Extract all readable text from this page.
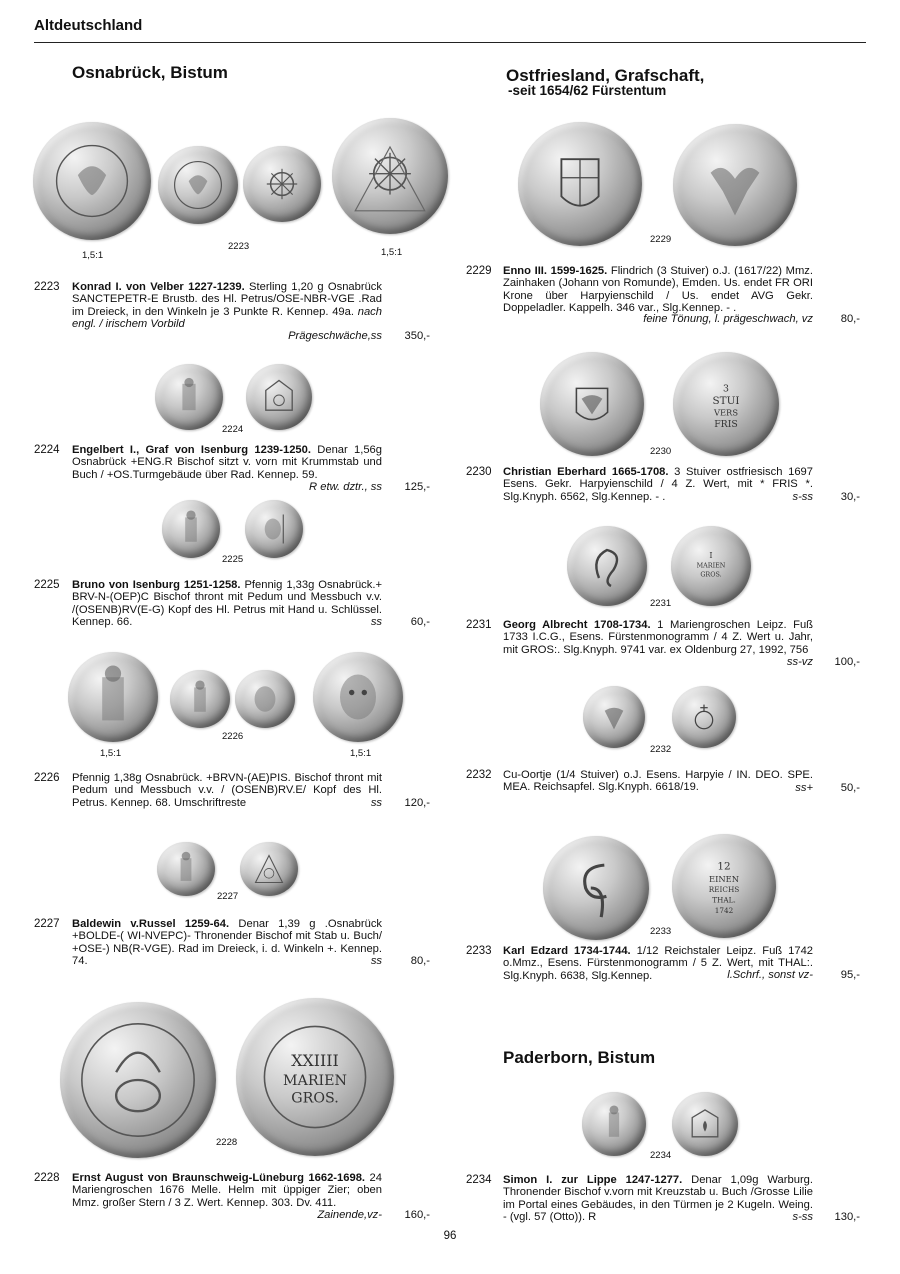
Altdeutschland
Osnabrück, Bistum	Ostfriesland, Grafschaft,
-seit 1654/62 Fürstentum
Paderborn, Bistum
1,5:1
2223
1,5:1
2224
2225
1,5:1
2226
1,5:1
2227
XXIIII
MARIEN
GROS.
2228
2229
3
STUI
VERS
FRIS
2230
I
MARIEN
GROS.
2231
2232
12
EINEN
REICHS
THAL.
1742
2233
2234
2223	Konrad I. von Velber 1227-1239. Sterling 1,20 g Osnabrück SANCTEPETR-E Brustb. des Hl. Petrus/OSE-NBR-VGE .Rad im Dreieck, in den Winkeln je 3 Punkte R. Kennep. 49a. nach engl. / irischem Vorbild
Prägeschwäche,ss	350,-
2224	Engelbert I., Graf von Isenburg 1239-1250. Denar 1,56g Osnabrück +ENG.R Bischof sitzt v. vorn mit Krummstab und Buch / +OS.Turmgebäude über Rad. Kennep. 59.
R etw. dztr., ss	125,-
2225	Bruno von Isenburg 1251-1258. Pfennig 1,33g Osnabrück.+ BRV-N-(OEP)C Bischof thront mit Pedum und Messbuch v.v. /(OSENB)RV(E-G) Kopf des Hl. Petrus mit Hand u. Schlüssel. Kennep. 66.	ss	60,-
2226	Pfennig 1,38g Osnabrück. +BRVN-(AE)PIS. Bischof thront mit Pedum und Messbuch v.v. / (OSENB)RV.E/ Kopf des Hl. Petrus. Kennep. 68. Umschriftreste	ss	120,-
2227	Baldewin v.Russel 1259-64. Denar 1,39 g .Osnabrück +BOLDE-( WI-NVEPC)- Thronender Bischof mit Stab u. Buch/ +OSE-) NB(R-VGE). Rad im Dreieck, i. d. Winkeln +. Kennep. 74.	ss	80,-
2228	Ernst August von Braunschweig-Lüneburg 1662-1698. 24 Mariengroschen 1676 Melle. Helm mit üppiger Zier; oben Mmz. großer Stern / 3 Z. Wert. Kennep. 303. Dv. 411.
Zainende,vz-	160,-
2229	Enno III. 1599-1625. Flindrich (3 Stuiver) o.J. (1617/22) Mmz. Zainhaken (Johann von Romunde), Emden. Us. endet FR ORI Krone über Harpyienschild / Us. endet AVG Gekr. Doppeladler. Kappelh. 346 var., Slg.Kennep. - .
feine Tönung, l. prägeschwach, vz	80,-
2230	Christian Eberhard 1665-1708. 3 Stuiver ostfriesisch 1697 Esens. Gekr. Harpyienschild / 4 Z. Wert, mit * FRIS *. Slg.Knyph. 6562, Slg.Kennep. - .	s-ss	30,-
2231	Georg Albrecht 1708-1734. 1 Mariengroschen Leipz. Fuß 1733 I.C.G., Esens. Fürstenmonogramm / 4 Z. Wert u. Jahr, mit GROS:. Slg.Knyph. 9741 var. ex Oldenburg 27, 1992, 756
ss-vz	100,-
2232	Cu-Oortje (1/4 Stuiver) o.J. Esens. Harpyie / IN. DEO. SPE. MEA. Reichsapfel. Slg.Knyph. 6618/19.	ss+	50,-
2233	Karl Edzard 1734-1744. 1/12 Reichstaler Leipz. Fuß 1742 o.Mmz., Esens. Fürstenmonogramm / 5 Z. Wert, mit THAL:. Slg.Knyph. 6638, Slg.Kennep.	l.Schrf., sonst vz-	95,-
2234	Simon I. zur Lippe 1247-1277. Denar 1,09g Warburg. Thronender Bischof v.vorn mit Kreuzstab u. Buch /Grosse Lilie im Portal eines Gebäudes, in den Türmen je 2 Kugeln. Weing. - (vgl. 57 (Otto)). R	s-ss	130,-
96
